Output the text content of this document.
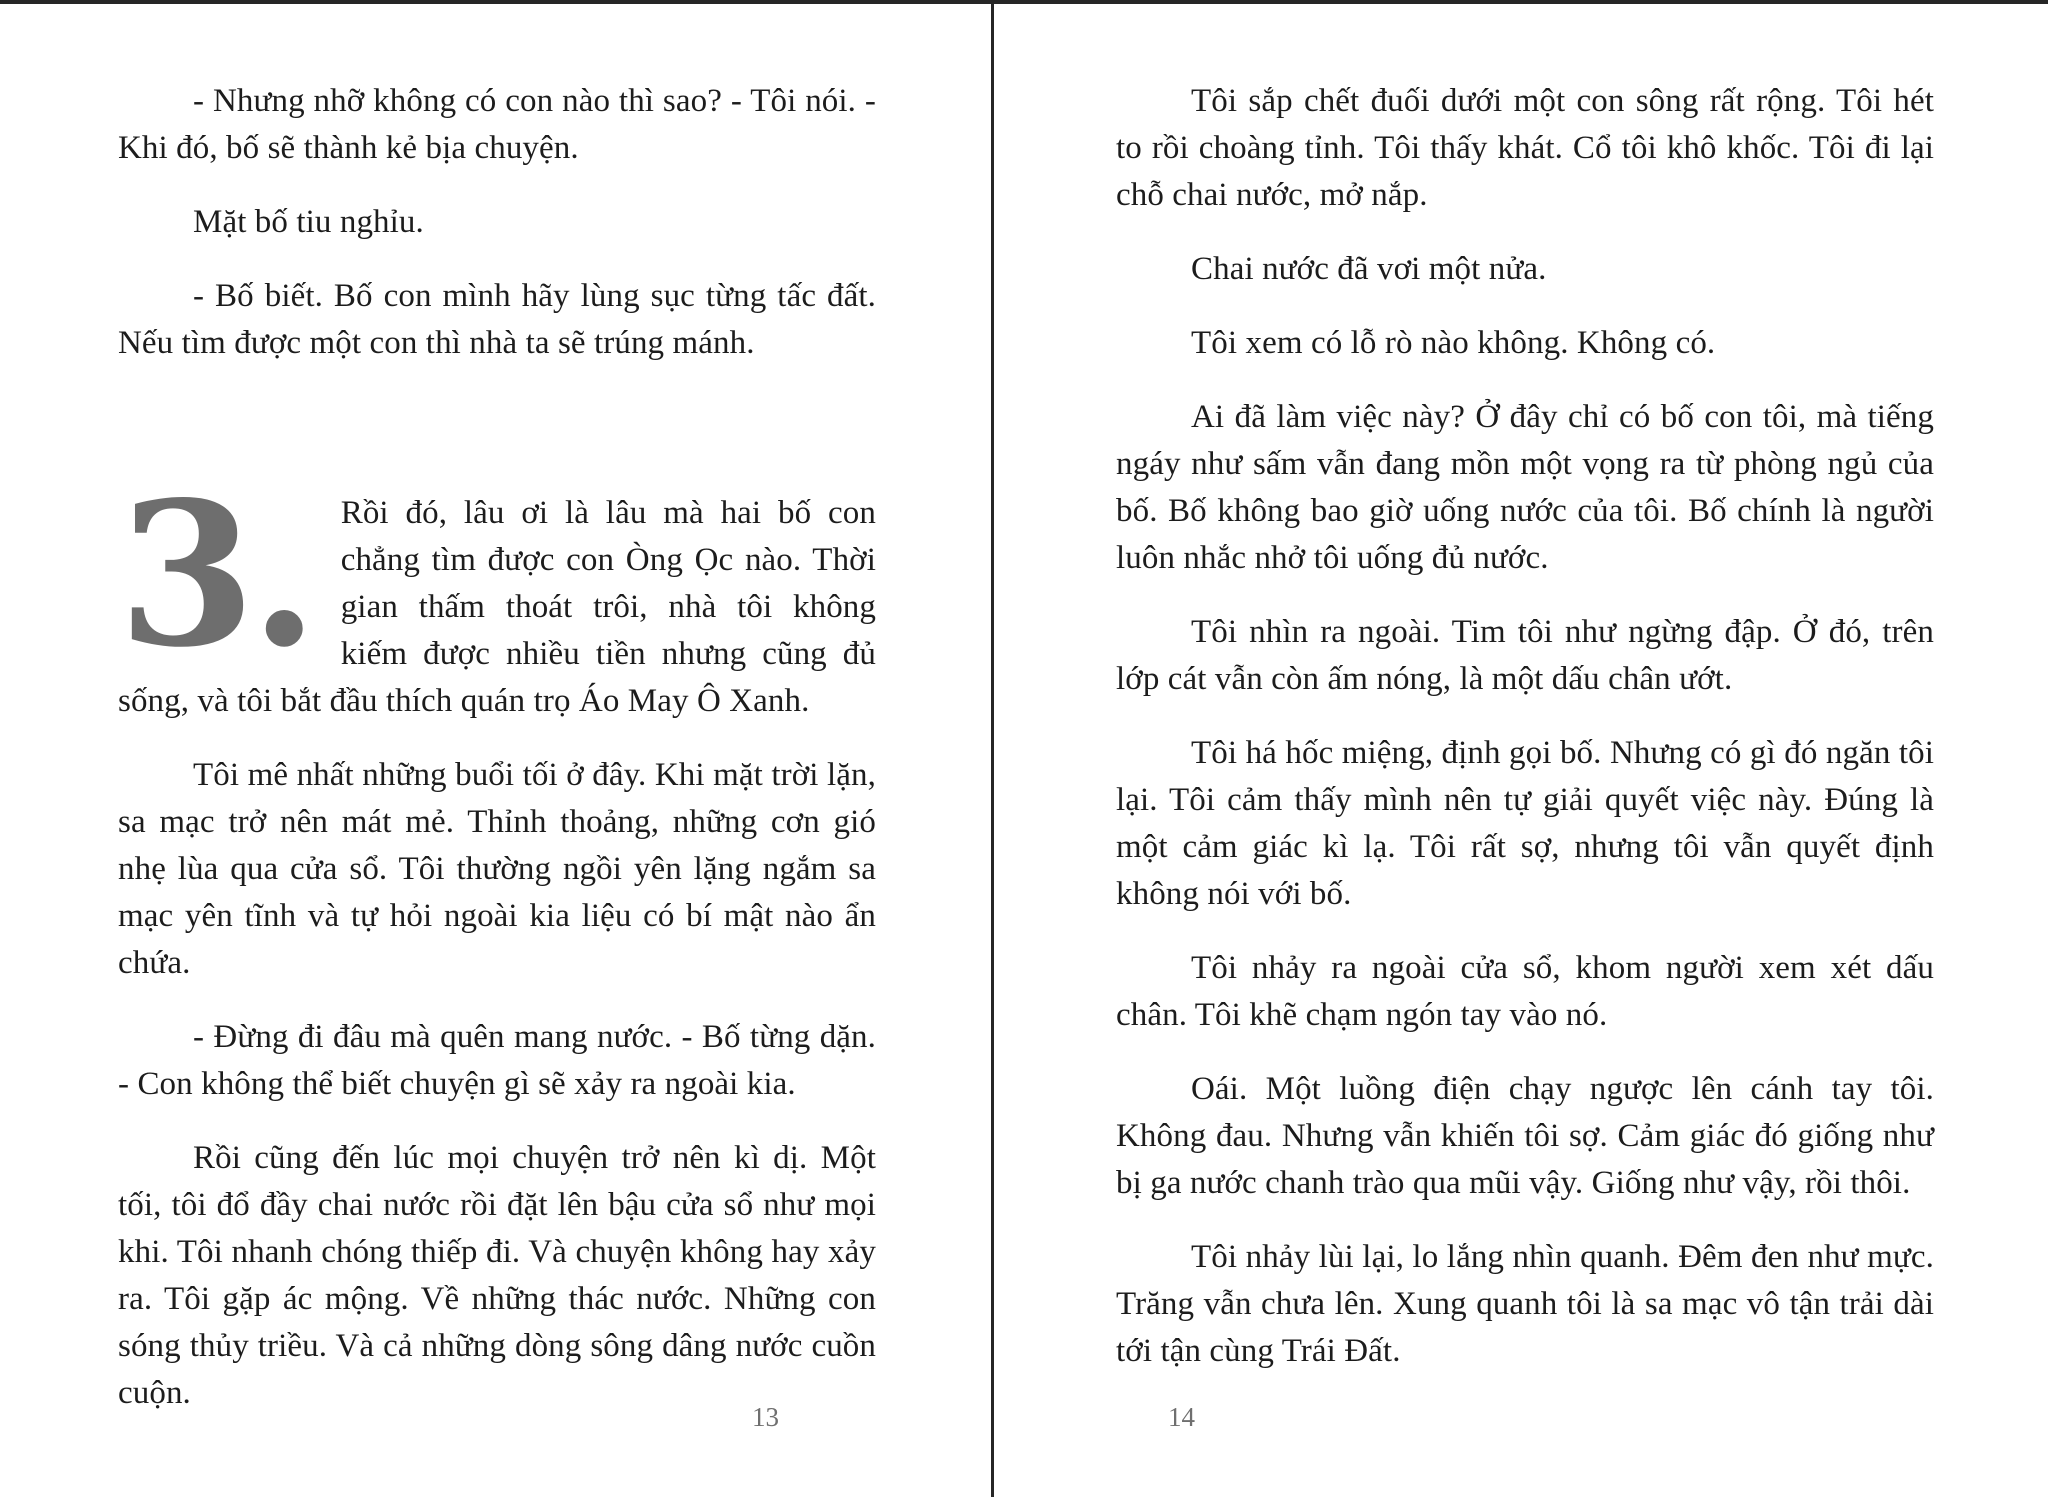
- Nhưng nhỡ không có con nào thì sao? - Tôi nói. - Khi đó, bố sẽ thành kẻ bịa chuyện.

Mặt bố tiu nghỉu.

- Bố biết. Bố con mình hãy lùng sục từng tấc đất. Nếu tìm được một con thì nhà ta sẽ trúng mánh.

3. Rồi đó, lâu ơi là lâu mà hai bố con chẳng tìm được con Òng Ọc nào. Thời gian thấm thoát trôi, nhà tôi không kiếm được nhiều tiền nhưng cũng đủ sống, và tôi bắt đầu thích quán trọ Áo May Ô Xanh.

Tôi mê nhất những buổi tối ở đây. Khi mặt trời lặn, sa mạc trở nên mát mẻ. Thỉnh thoảng, những cơn gió nhẹ lùa qua cửa sổ. Tôi thường ngồi yên lặng ngắm sa mạc yên tĩnh và tự hỏi ngoài kia liệu có bí mật nào ẩn chứa.

- Đừng đi đâu mà quên mang nước. - Bố từng dặn. - Con không thể biết chuyện gì sẽ xảy ra ngoài kia.

Rồi cũng đến lúc mọi chuyện trở nên kì dị. Một tối, tôi đổ đầy chai nước rồi đặt lên bậu cửa sổ như mọi khi. Tôi nhanh chóng thiếp đi. Và chuyện không hay xảy ra. Tôi gặp ác mộng. Về những thác nước. Những con sóng thủy triều. Và cả những dòng sông dâng nước cuồn cuộn.

Tôi sắp chết đuối dưới một con sông rất rộng. Tôi hét to rồi choàng tỉnh. Tôi thấy khát. Cổ tôi khô khốc. Tôi đi lại chỗ chai nước, mở nắp.

Chai nước đã vơi một nửa.

Tôi xem có lỗ rò nào không. Không có.

Ai đã làm việc này? Ở đây chỉ có bố con tôi, mà tiếng ngáy như sấm vẫn đang mồn một vọng ra từ phòng ngủ của bố. Bố không bao giờ uống nước của tôi. Bố chính là người luôn nhắc nhở tôi uống đủ nước.

Tôi nhìn ra ngoài. Tim tôi như ngừng đập. Ở đó, trên lớp cát vẫn còn ấm nóng, là một dấu chân ướt.

Tôi há hốc miệng, định gọi bố. Nhưng có gì đó ngăn tôi lại. Tôi cảm thấy mình nên tự giải quyết việc này. Đúng là một cảm giác kì lạ. Tôi rất sợ, nhưng tôi vẫn quyết định không nói với bố.

Tôi nhảy ra ngoài cửa sổ, khom người xem xét dấu chân. Tôi khẽ chạm ngón tay vào nó.

Oái. Một luồng điện chạy ngược lên cánh tay tôi. Không đau. Nhưng vẫn khiến tôi sợ. Cảm giác đó giống như bị ga nước chanh trào qua mũi vậy. Giống như vậy, rồi thôi.

Tôi nhảy lùi lại, lo lắng nhìn quanh. Đêm đen như mực. Trăng vẫn chưa lên. Xung quanh tôi là sa mạc vô tận trải dài tới tận cùng Trái Đất.

13	14
